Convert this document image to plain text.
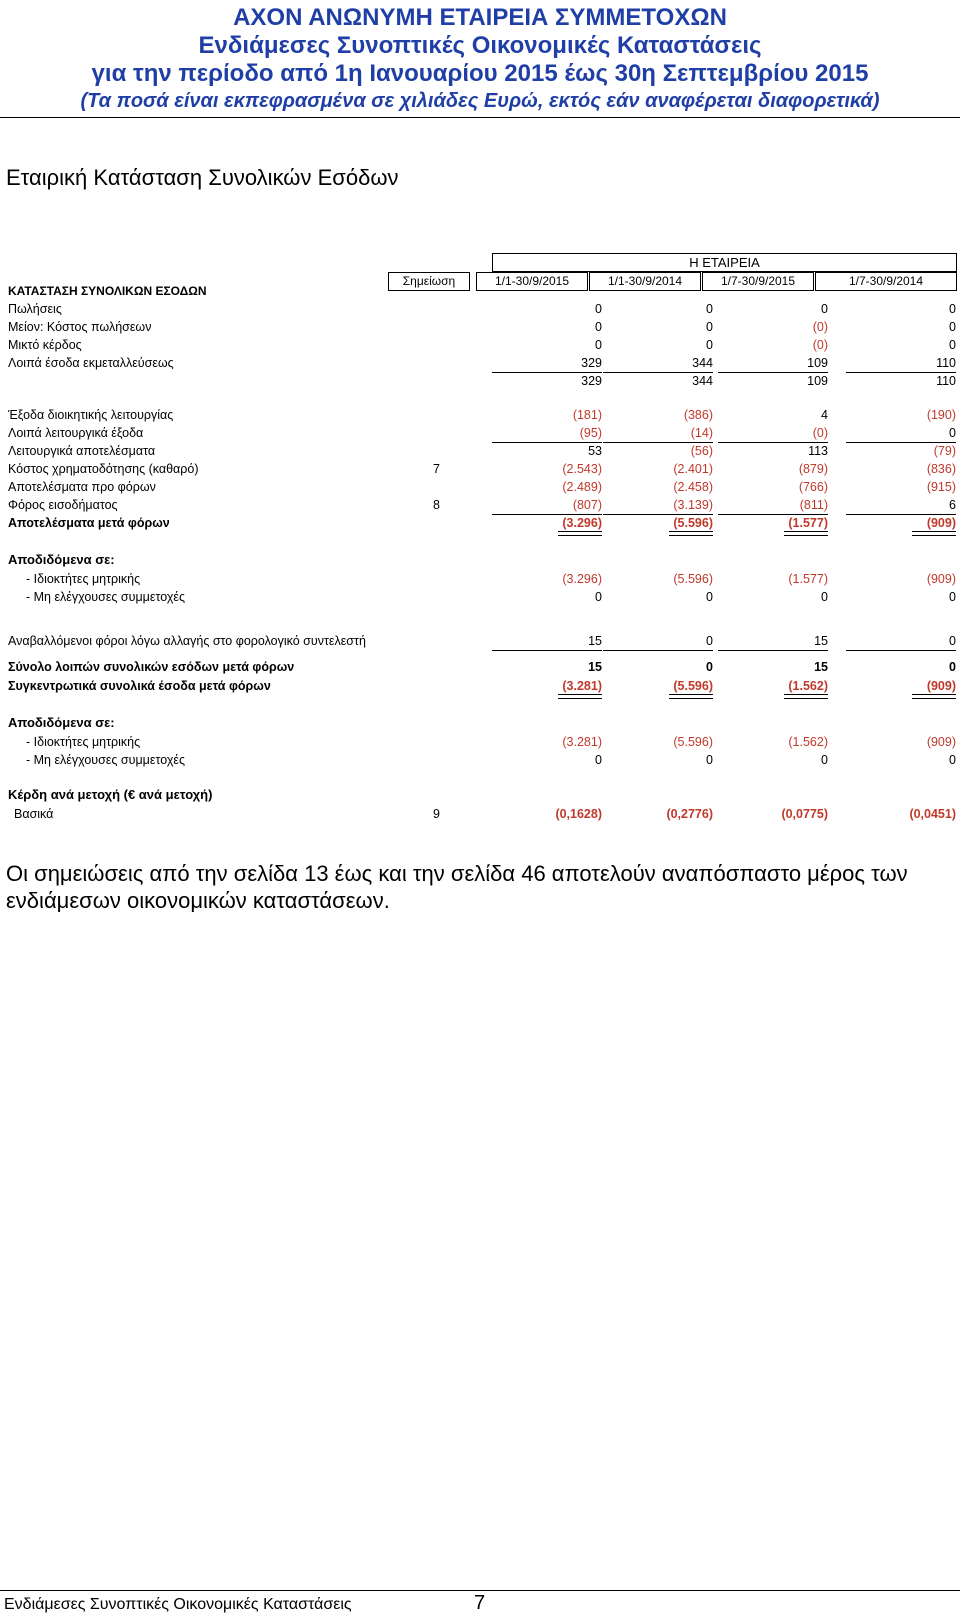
ΑΧΟΝ ΑΝΩΝΥΜΗ ΕΤΑΙΡΕΙΑ ΣΥΜΜΕΤΟΧΩΝ
Ενδιάμεσες Συνοπτικές Οικονομικές Καταστάσεις
για την περίοδο από 1η Ιανουαρίου 2015 έως 30η Σεπτεμβρίου 2015
(Τα ποσά είναι εκπεφρασμένα σε χιλιάδες Ευρώ, εκτός εάν αναφέρεται διαφορετικά)
Εταιρική Κατάσταση Συνολικών Εσόδων
Η ΕΤΑΙΡΕΙΑ
Σημείωση	1/1-30/9/2015	1/1-30/9/2014	1/7-30/9/2015	1/7-30/9/2014
ΚΑΤΑΣΤΑΣΗ ΣΥΝΟΛΙΚΩΝ ΕΣΟΔΩΝ
Πωλήσεις	0	0	0	0
Μείον: Κόστος πωλήσεων	0	0	(0)	0
Μικτό κέρδος	0	0	(0)	0
Λοιπά έσοδα εκμεταλλεύσεως	329	344	109	110
329	344	109	110
Έξοδα διοικητικής λειτουργίας	(181)	(386)	4	(190)
Λοιπά λειτουργικά έξοδα	(95)	(14)	(0)	0
Λειτουργικά αποτελέσματα	53	(56)	113	(79)
Κόστος χρηματοδότησης (καθαρό)	7	(2.543)	(2.401)	(879)	(836)
Αποτελέσματα προ φόρων	(2.489)	(2.458)	(766)	(915)
Φόρος εισοδήματος	8	(807)	(3.139)	(811)	6
Αποτελέσματα μετά φόρων	(3.296)	(5.596)	(1.577)	(909)
Αποδιδόμενα σε:
- Ιδιοκτήτες μητρικής	(3.296)	(5.596)	(1.577)	(909)
- Μη ελέγχουσες συμμετοχές	0	0	0	0
Αναβαλλόμενοι φόροι λόγω αλλαγής στο φορολογικό συντελεστή	15	0	15	0
Σύνολο λοιπών συνολικών εσόδων μετά φόρων	15	0	15	0
Συγκεντρωτικά συνολικά έσοδα μετά φόρων	(3.281)	(5.596)	(1.562)	(909)
Αποδιδόμενα σε:
- Ιδιοκτήτες μητρικής	(3.281)	(5.596)	(1.562)	(909)
- Μη ελέγχουσες συμμετοχές	0	0	0	0
Κέρδη ανά μετοχή (€ ανά μετοχή)
Βασικά	9	(0,1628)	(0,2776)	(0,0775)	(0,0451)
Οι σημειώσεις από την σελίδα 13 έως και την σελίδα 46 αποτελούν αναπόσπαστο μέρος των ενδιάμεσων οικονομικών καταστάσεων.
Ενδιάμεσες Συνοπτικές Οικονομικές Καταστάσεις	7
